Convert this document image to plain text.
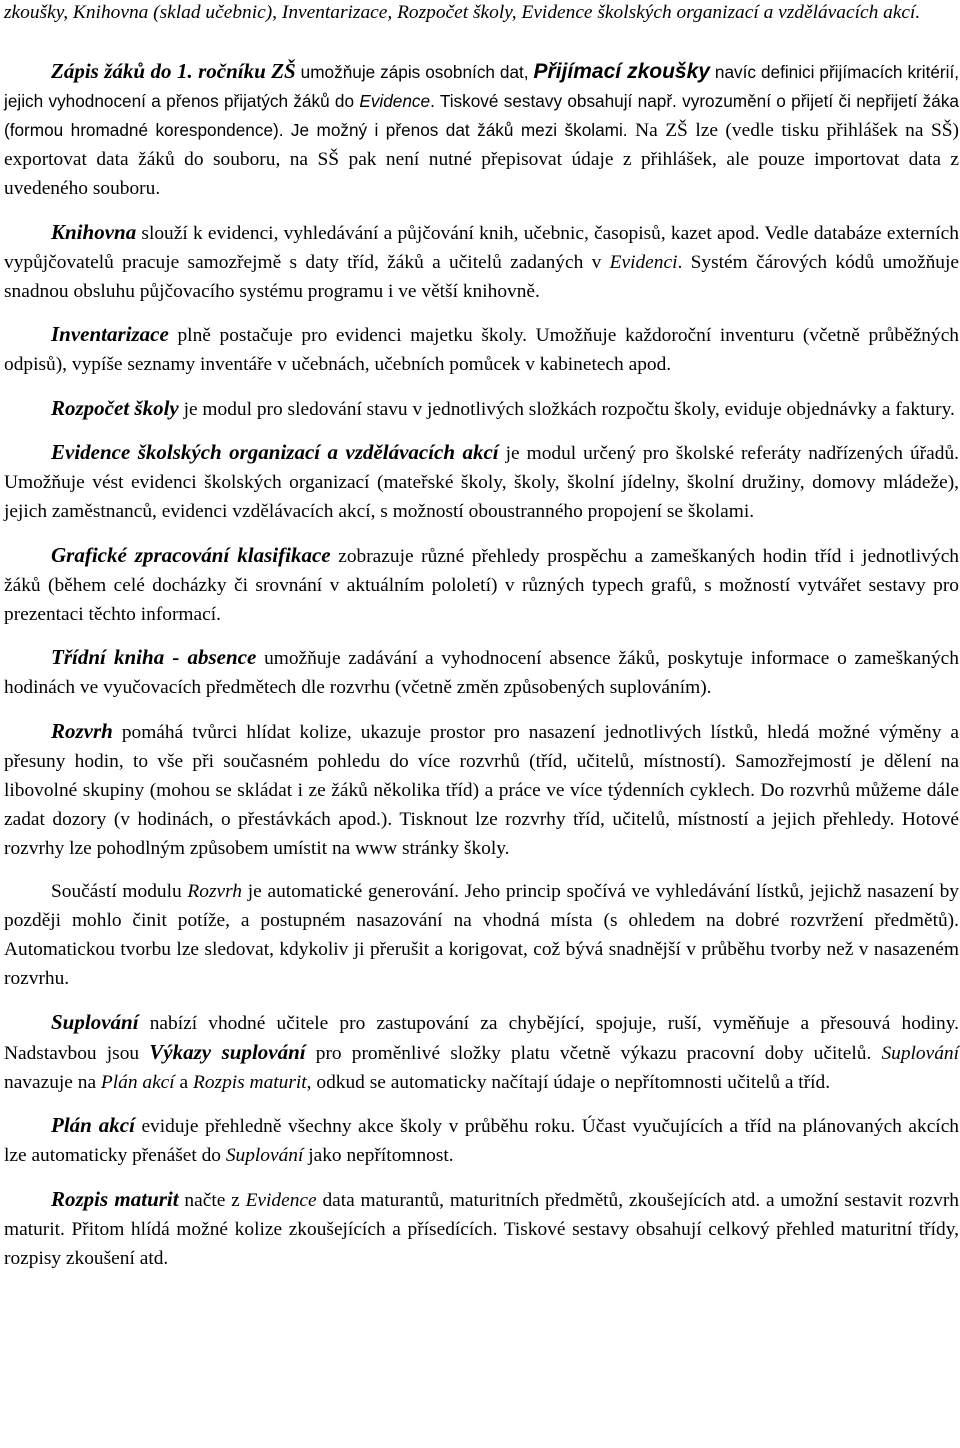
zkoušky, Knihovna (sklad učebnic), Inventarizace, Rozpočet školy, Evidence školských organizací a vzdělávacích akcí.

Zápis žáků do 1. ročníku ZŠ umožňuje zápis osobních dat, Přijímací zkoušky navíc definici přijímacích kritérií, jejich vyhodnocení a přenos přijatých žáků do Evidence. Tiskové sestavy obsahují např. vyrozumění o přijetí či nepřijetí žáka (formou hromadné korespondence). Je možný i přenos dat žáků mezi školami. Na ZŠ lze (vedle tisku přihlášek na SŠ) exportovat data žáků do souboru, na SŠ pak není nutné přepisovat údaje z přihlášek, ale pouze importovat data z uvedeného souboru.

Knihovna slouží k evidenci, vyhledávání a půjčování knih, učebnic, časopisů, kazet apod. Vedle databáze externích vypůjčovatelů pracuje samozřejmě s daty tříd, žáků a učitelů zadaných v Evidenci. Systém čárových kódů umožňuje snadnou obsluhu půjčovacího systému programu i ve větší knihovně.

Inventarizace plně postačuje pro evidenci majetku školy. Umožňuje každoroční inventuru (včetně průběžných odpisů), vypíše seznamy inventáře v učebnách, učebních pomůcek v kabinetech apod.

Rozpočet školy je modul pro sledování stavu v jednotlivých složkách rozpočtu školy, eviduje objednávky a faktury.

Evidence školských organizací a vzdělávacích akcí je modul určený pro školské referáty nadřízených úřadů. Umožňuje vést evidenci školských organizací (mateřské školy, školy, školní jídelny, školní družiny, domovy mládeže), jejich zaměstnanců, evidenci vzdělávacích akcí, s možností oboustranného propojení se školami.

Grafické zpracování klasifikace zobrazuje různé přehledy prospěchu a zameškaných hodin tříd i jednotlivých žáků (během celé docházky či srovnání v aktuálním pololetí) v různých typech grafů, s možností vytvářet sestavy pro prezentaci těchto informací.

Třídní kniha - absence umožňuje zadávání a vyhodnocení absence žáků, poskytuje informace o zameškaných hodinách ve vyučovacích předmětech dle rozvrhu (včetně změn způsobených suplováním).

Rozvrh pomáhá tvůrci hlídat kolize, ukazuje prostor pro nasazení jednotlivých lístků, hledá možné výměny a přesuny hodin, to vše při současném pohledu do více rozvrhů (tříd, učitelů, místností). Samozřejmostí je dělení na libovolné skupiny (mohou se skládat i ze žáků několika tříd) a práce ve více týdenních cyklech. Do rozvrhů můžeme dále zadat dozory (v hodinách, o přestávkách apod.). Tisknout lze rozvrhy tříd, učitelů, místností a jejich přehledy. Hotové rozvrhy lze pohodlným způsobem umístit na www stránky školy.

Součástí modulu Rozvrh je automatické generování. Jeho princip spočívá ve vyhledávání lístků, jejichž nasazení by později mohlo činit potíže, a postupném nasazování na vhodná místa (s ohledem na dobré rozvržení předmětů). Automatickou tvorbu lze sledovat, kdykoliv ji přerušit a korigovat, což bývá snadnější v průběhu tvorby než v nasazeném rozvrhu.

Suplování nabízí vhodné učitele pro zastupování za chybějící, spojuje, ruší, vyměňuje a přesouvá hodiny. Nadstavbou jsou Výkazy suplování pro proměnlivé složky platu včetně výkazu pracovní doby učitelů. Suplování navazuje na Plán akcí a Rozpis maturit, odkud se automaticky načítají údaje o nepřítomnosti učitelů a tříd.

Plán akcí eviduje přehledně všechny akce školy v průběhu roku. Účast vyučujících a tříd na plánovaných akcích lze automaticky přenášet do Suplování jako nepřítomnost.

Rozpis maturit načte z Evidence data maturantů, maturitních předmětů, zkoušejících atd. a umožní sestavit rozvrh maturit. Přitom hlídá možné kolize zkoušejících a přísedících. Tiskové sestavy obsahují celkový přehled maturitní třídy, rozpisy zkoušení atd.
